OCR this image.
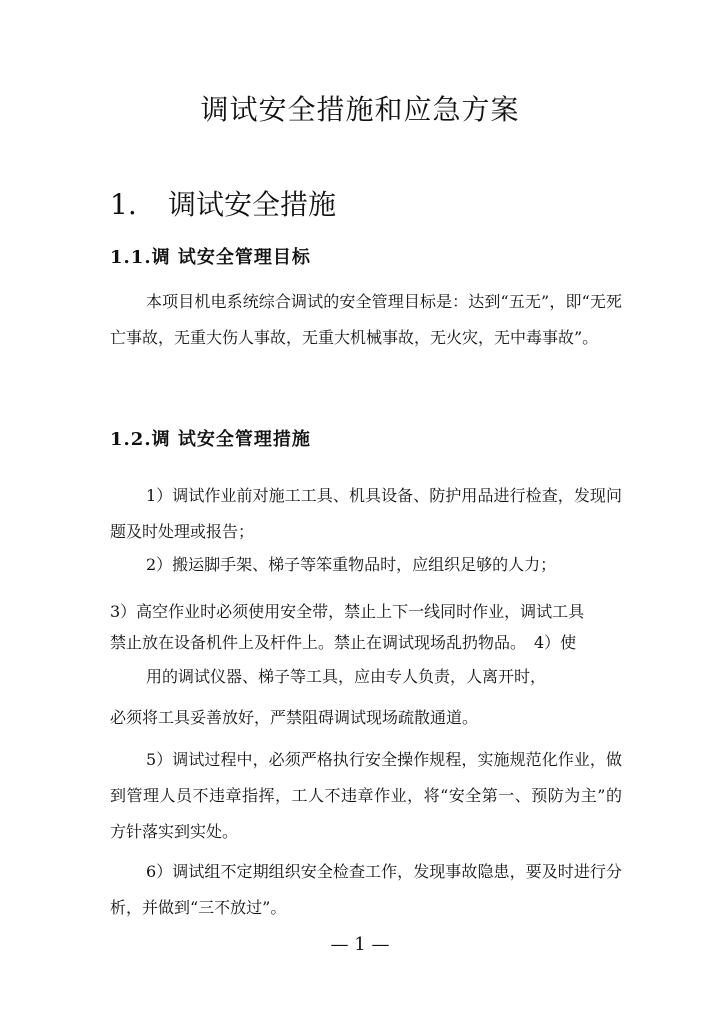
调试安全措施和应急方案
1. 调试安全措施
1.1.调 试安全管理目标

本项目机电系统综合调试的安全管理目标是：达到“五无”，即“无死亡事故，无重大伤人事故，无重大机械事故，无火灾，无中毒事故”。

1.2.调 试安全管理措施

1）调试作业前对施工工具、机具设备、防护用品进行检查，发现问题及时处理或报告；

2）搬运脚手架、梯子等笨重物品时，应组织足够的人力；

3）高空作业时必须使用安全带，禁止上下一线同时作业，调试工具

禁止放在设备机件上及杆件上。禁止在调试现场乱扔物品。　4）使

用的调试仪器、梯子等工具，应由专人负责，人离开时，

必须将工具妥善放好，严禁阻碍调试现场疏散通道。

5）调试过程中，必须严格执行安全操作规程，实施规范化作业，做到管理人员不违章指挥，工人不违章作业，将“安全第一、预防为主”的方针落实到实处。

6）调试组不定期组织安全检查工作，发现事故隐患，要及时进行分析，并做到“三不放过”。

— 1 —
